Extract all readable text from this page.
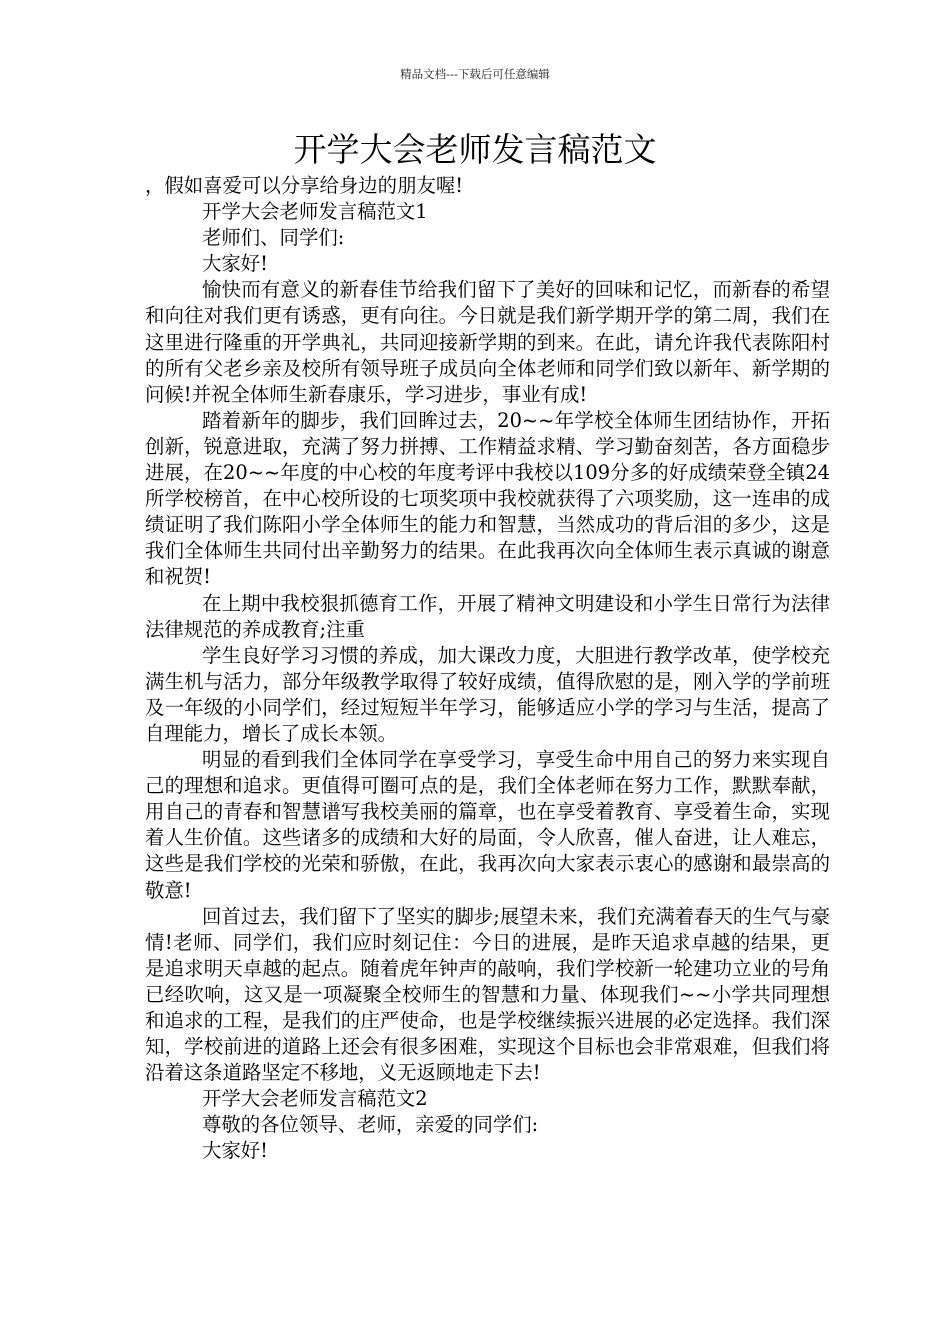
精品文档---下载后可任意编辑
开学大会老师发言稿范文

，假如喜爱可以分享给身边的朋友喔!

开学大会老师发言稿范文1

老师们、同学们:

大家好!

愉快而有意义的新春佳节给我们留下了美好的回味和记忆，而新春的希望和向往对我们更有诱惑，更有向往。今日就是我们新学期开学的第二周，我们在这里进行隆重的开学典礼，共同迎接新学期的到来。在此，请允许我代表陈阳村的所有父老乡亲及校所有领导班子成员向全体老师和同学们致以新年、新学期的问候!并祝全体师生新春康乐，学习进步，事业有成!

踏着新年的脚步，我们回眸过去，20~~年学校全体师生团结协作，开拓创新，锐意进取，充满了努力拼搏、工作精益求精、学习勤奋刻苦，各方面稳步进展，在20~~年度的中心校的年度考评中我校以109分多的好成绩荣登全镇24所学校榜首，在中心校所设的七项奖项中我校就获得了六项奖励，这一连串的成绩证明了我们陈阳小学全体师生的能力和智慧，当然成功的背后泪的多少，这是我们全体师生共同付出辛勤努力的结果。在此我再次向全体师生表示真诚的谢意和祝贺!

在上期中我校狠抓德育工作，开展了精神文明建设和小学生日常行为法律法律规范的养成教育;注重

学生良好学习习惯的养成，加大课改力度，大胆进行教学改革，使学校充满生机与活力，部分年级教学取得了较好成绩，值得欣慰的是，刚入学的学前班及一年级的小同学们，经过短短半年学习，能够适应小学的学习与生活，提高了自理能力，增长了成长本领。

明显的看到我们全体同学在享受学习，享受生命中用自己的努力来实现自己的理想和追求。更值得可圈可点的是，我们全体老师在努力工作，默默奉献，用自己的青春和智慧谱写我校美丽的篇章，也在享受着教育、享受着生命，实现着人生价值。这些诸多的成绩和大好的局面，令人欣喜，催人奋进，让人难忘，这些是我们学校的光荣和骄傲，在此，我再次向大家表示衷心的感谢和最崇高的敬意!

回首过去，我们留下了坚实的脚步;展望未来，我们充满着春天的生气与豪情!老师、同学们，我们应时刻记住：今日的进展，是昨天追求卓越的结果，更是追求明天卓越的起点。随着虎年钟声的敲响，我们学校新一轮建功立业的号角已经吹响，这又是一项凝聚全校师生的智慧和力量、体现我们~~小学共同理想和追求的工程，是我们的庄严使命，也是学校继续振兴进展的必定选择。我们深知，学校前进的道路上还会有很多困难，实现这个目标也会非常艰难，但我们将沿着这条道路坚定不移地，义无返顾地走下去!

开学大会老师发言稿范文2

尊敬的各位领导、老师，亲爱的同学们:

大家好!
